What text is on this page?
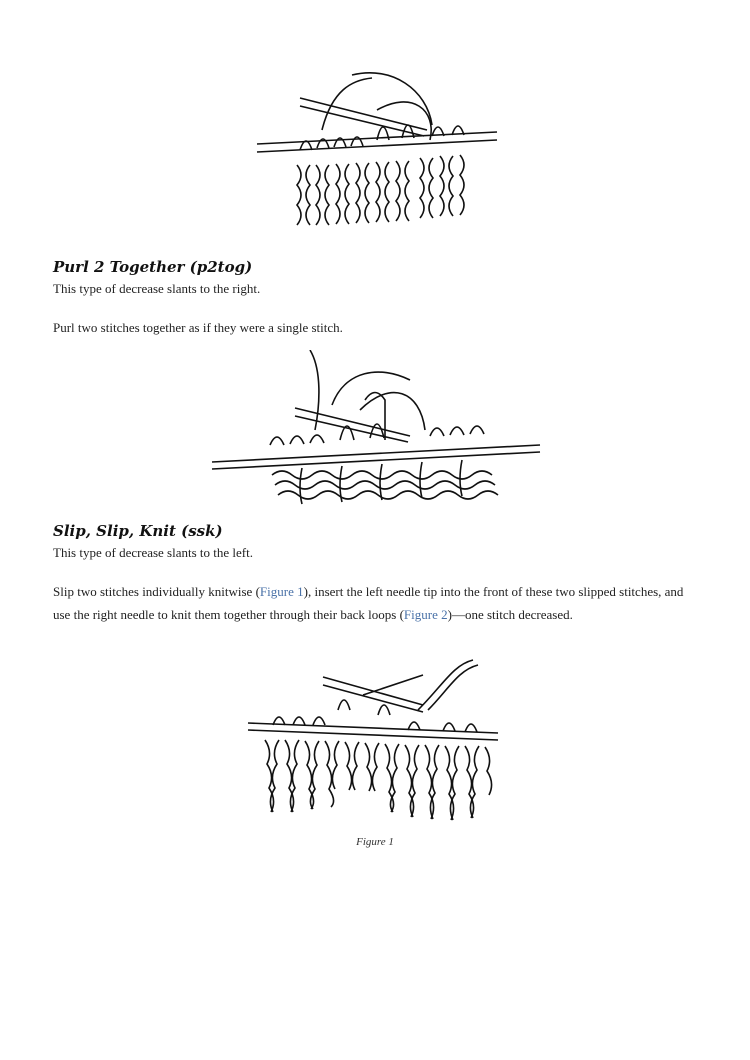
Purl 2 Together (p2tog)

This type of decrease slants to the right.

Purl two stitches together as if they were a single stitch.

Slip, Slip, Knit (ssk)

This type of decrease slants to the left.

Slip two stitches individually knitwise (Figure 1), insert the left needle tip into the front of these two slipped stitches, and use the right needle to knit them together through their back loops (Figure 2)—one stitch decreased.

Figure 1
